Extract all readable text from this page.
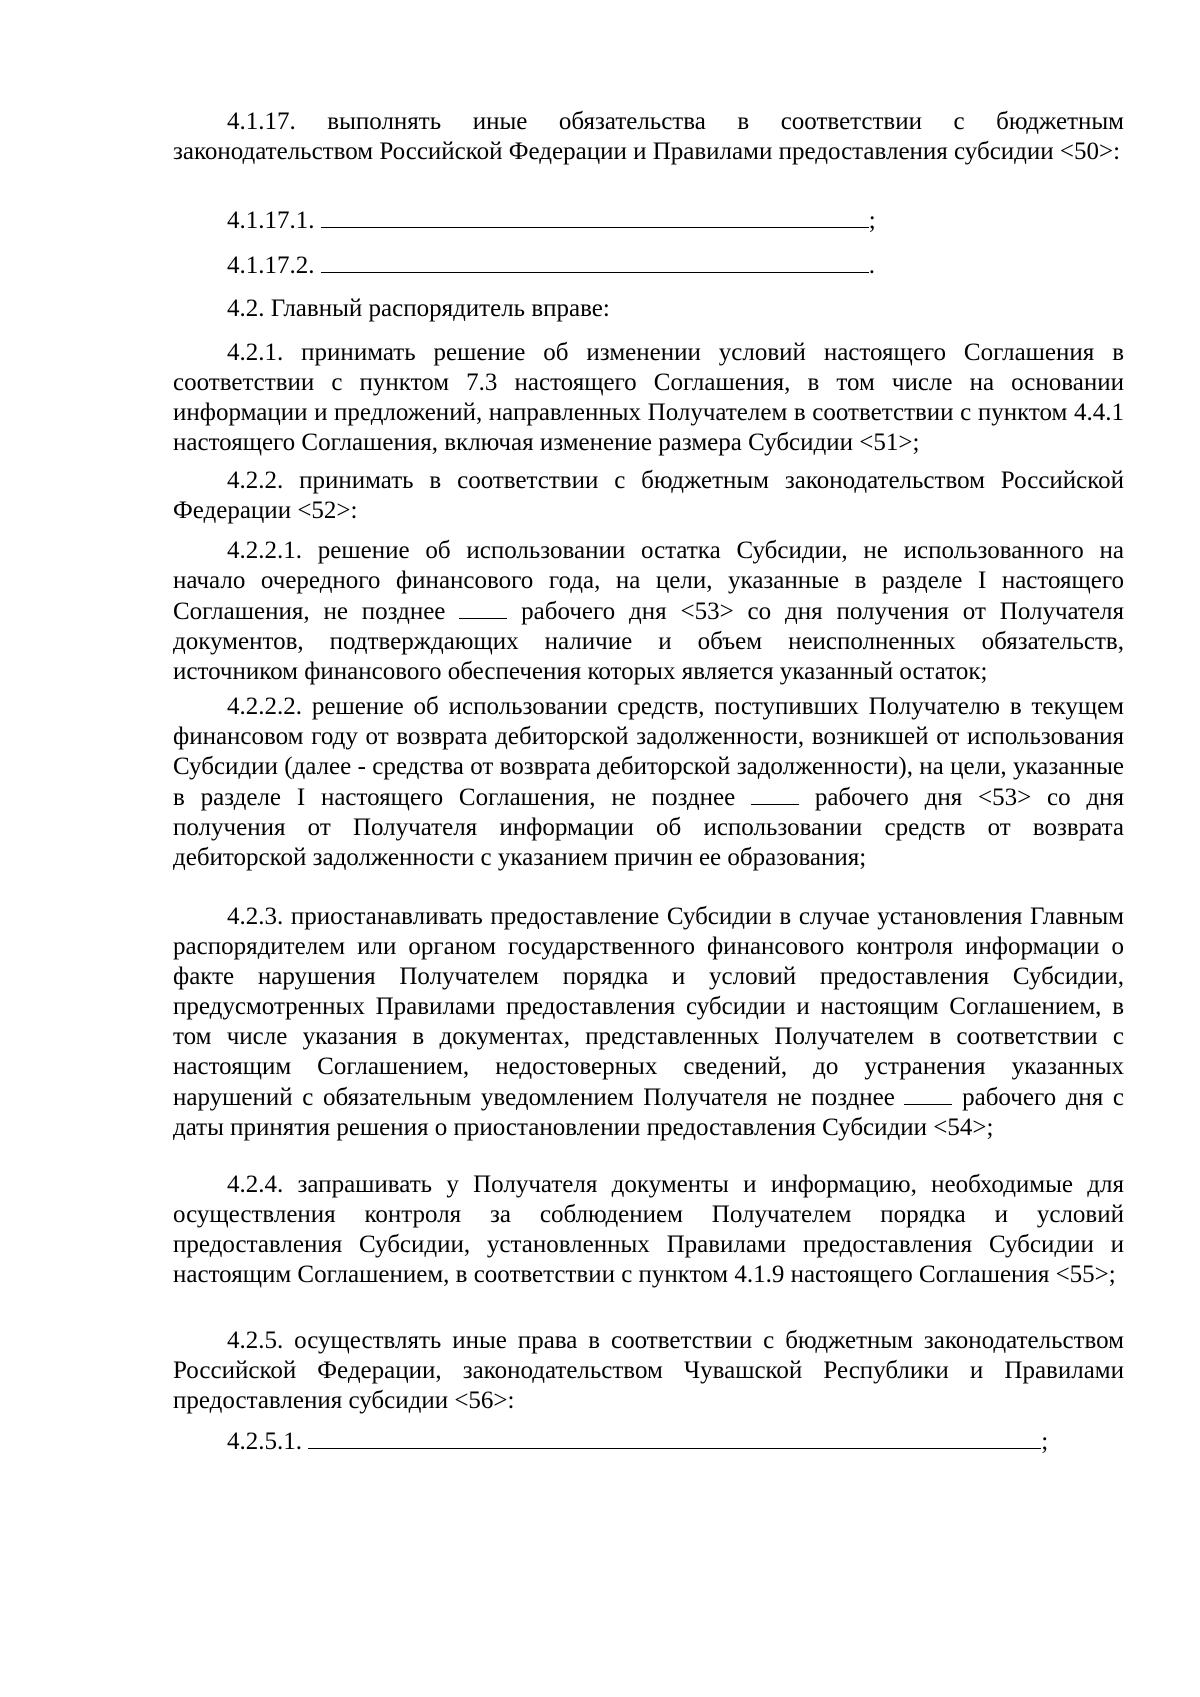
4.1.17. выполнять иные обязательства в соответствии с бюджетным законодательством Российской Федерации и Правилами предоставления субсидии <50>:

4.1.17.1.	;

4.1.17.2.	.

4.2. Главный распорядитель вправе:

4.2.1. принимать решение об изменении условий настоящего Соглашения в соответствии с пунктом 7.3 настоящего Соглашения, в том числе на основании информации и предложений, направленных Получателем в соответствии с пунктом 4.4.1 настоящего Соглашения, включая изменение размера Субсидии <51>;

4.2.2. принимать в соответствии с бюджетным законодательством Российской Федерации <52>:

4.2.2.1. решение об использовании остатка Субсидии, не использованного на начало очередного финансового года, на цели, указанные в разделе I настоящего Соглашения, не позднее	рабочего дня <53> со дня получения от Получателя документов, подтверждающих наличие и объем неисполненных обязательств, источником финансового обеспечения которых является указанный остаток;

4.2.2.2. решение об использовании средств, поступивших Получателю в текущем финансовом году от возврата дебиторской задолженности, возникшей от использования Субсидии (далее - средства от возврата дебиторской задолженности), на цели, указанные в разделе I настоящего Соглашения, не позднее	рабочего дня <53> со дня получения от Получателя информации об использовании средств от возврата дебиторской задолженности с указанием причин ее образования;

4.2.3. приостанавливать предоставление Субсидии в случае установления Главным распорядителем или органом государственного финансового контроля информации о факте нарушения Получателем порядка и условий предоставления Субсидии, предусмотренных Правилами предоставления субсидии и настоящим Соглашением, в том числе указания в документах, представленных Получателем в соответствии с настоящим Соглашением, недостоверных сведений, до устранения указанных нарушений с обязательным уведомлением Получателя не позднее	рабочего дня с даты принятия решения о приостановлении предоставления Субсидии <54>;

4.2.4. запрашивать у Получателя документы и информацию, необходимые для осуществления контроля за соблюдением Получателем порядка и условий предоставления Субсидии, установленных Правилами предоставления Субсидии и настоящим Соглашением, в соответствии с пунктом 4.1.9 настоящего Соглашения <55>;

4.2.5. осуществлять иные права в соответствии с бюджетным законодательством Российской Федерации, законодательством Чувашской Республики и Правилами предоставления субсидии <56>:

4.2.5.1.	;
